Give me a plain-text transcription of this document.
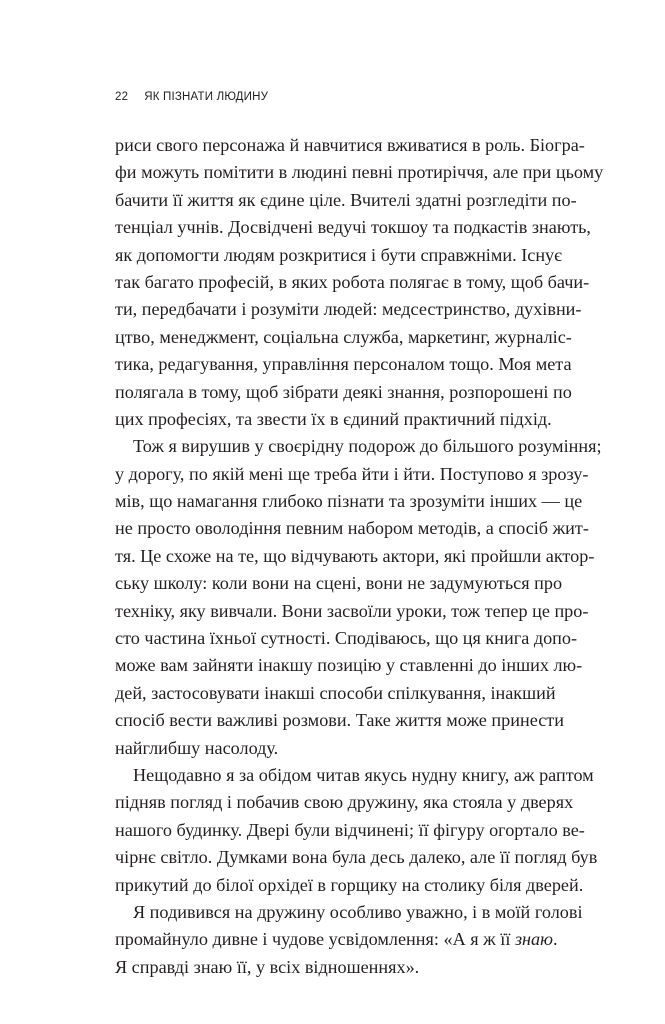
22 ЯК ПІЗНАТИ ЛЮДИНУ
риси свого персонажа й навчитися вживатися в роль. Біогра-
фи можуть помітити в людині певні протиріччя, але при цьому
бачити її життя як єдине ціле. Вчителі здатні розгледіти по-
тенціал учнів. Досвідчені ведучі токшоу та подкастів знають,
як допомогти людям розкритися і бути справжніми. Існує
так багато професій, в яких робота полягає в тому, щоб бачи-
ти, передбачати і розуміти людей: медсестринство, духівни-
цтво, менеджмент, соціальна служба, маркетинг, журналіс-
тика, редагування, управління персоналом тощо. Моя мета
полягала в тому, щоб зібрати деякі знання, розпорошені по
цих професіях, та звести їх в єдиний практичний підхід.
Тож я вирушив у своєрідну подорож до більшого розуміння;
у дорогу, по якій мені ще треба йти і йти. Поступово я зрозу-
мів, що намагання глибоко пізнати та зрозуміти інших — це
не просто оволодіння певним набором методів, а спосіб жит-
тя. Це схоже на те, що відчувають актори, які пройшли актор-
ську школу: коли вони на сцені, вони не задумуються про
техніку, яку вивчали. Вони засвоїли уроки, тож тепер це про-
сто частина їхньої сутності. Сподіваюсь, що ця книга допо-
може вам зайняти інакшу позицію у ставленні до інших лю-
дей, застосовувати інакші способи спілкування, інакший
спосіб вести важливі розмови. Таке життя може принести
найглибшу насолоду.
Нещодавно я за обідом читав якусь нудну книгу, аж раптом
підняв погляд і побачив свою дружину, яка стояла у дверях
нашого будинку. Двері були відчинені; її фігуру огортало ве-
чірнє світло. Думками вона була десь далеко, але її погляд був
прикутий до білої орхідеї в горщику на столику біля дверей.
Я подивився на дружину особливо уважно, і в моїй голові
промайнуло дивне і чудове усвідомлення: «А я ж її знаю.
Я справді знаю її, у всіх відношеннях».
